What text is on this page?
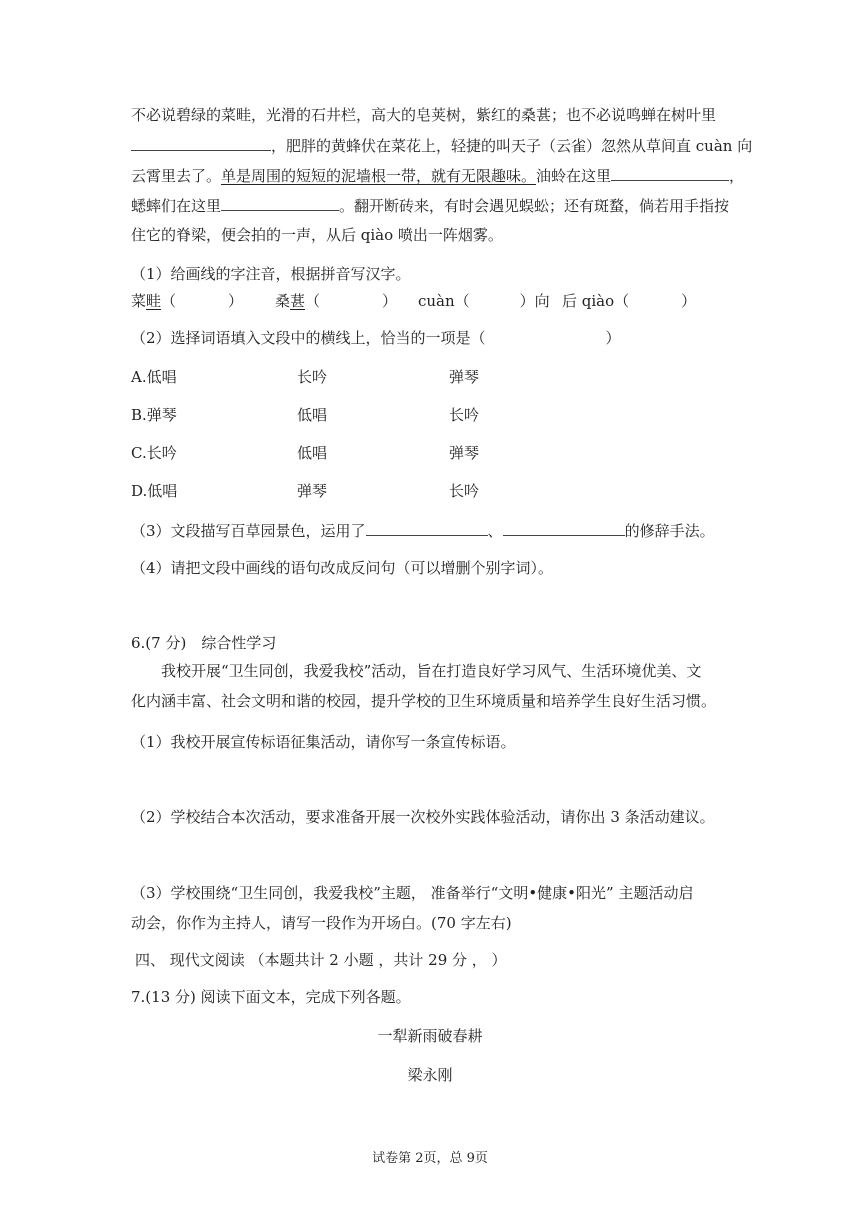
不必说碧绿的菜畦，光滑的石井栏，高大的皂荚树，紫红的桑葚；也不必说鸣蝉在树叶里
，肥胖的黄蜂伏在菜花上，轻捷的叫天子（云雀）忽然从草间直 cuàn 向
云霄里去了。单是周围的短短的泥墙根一带，就有无限趣味。油蛉在这里	，
蟋蟀们在这里	。翻开断砖来，有时会遇见蜈蚣；还有斑蝥，倘若用手指按
住它的脊梁，便会拍的一声，从后 qiào 喷出一阵烟雾。
（1）给画线的字注音，根据拼音写汉字。
菜畦（	） 桑葚（	） cuàn（	）向 后 qiào（	）
（2）选择词语填入文段中的横线上，恰当的一项是（	）
A.低唱	长吟	弹琴
B.弹琴	低唱	长吟
C.长吟	低唱	弹琴
D.低唱	弹琴	长吟
（3）文段描写百草园景色，运用了	、	的修辞手法。
（4）请把文段中画线的语句改成反问句（可以增删个别字词）。
6.(7 分)　综合性学习
我校开展“卫生同创，我爱我校”活动，旨在打造良好学习风气、生活环境优美、文
化内涵丰富、社会文明和谐的校园，提升学校的卫生环境质量和培养学生良好生活习惯。
（1）我校开展宣传标语征集活动，请你写一条宣传标语。
（2）学校结合本次活动，要求准备开展一次校外实践体验活动，请你出 3 条活动建议。
（3）学校围绕“卫生同创，我爱我校”主题， 准备举行“文明•健康•阳光” 主题活动启
动会，你作为主持人，请写一段作为开场白。(70 字左右)
四、 现代文阅读 （本题共计 2 小题 ，共计 29 分 ， ）
7.(13 分) 阅读下面文本，完成下列各题。
一犁新雨破春耕
梁永刚
试卷第 2页，总 9页
